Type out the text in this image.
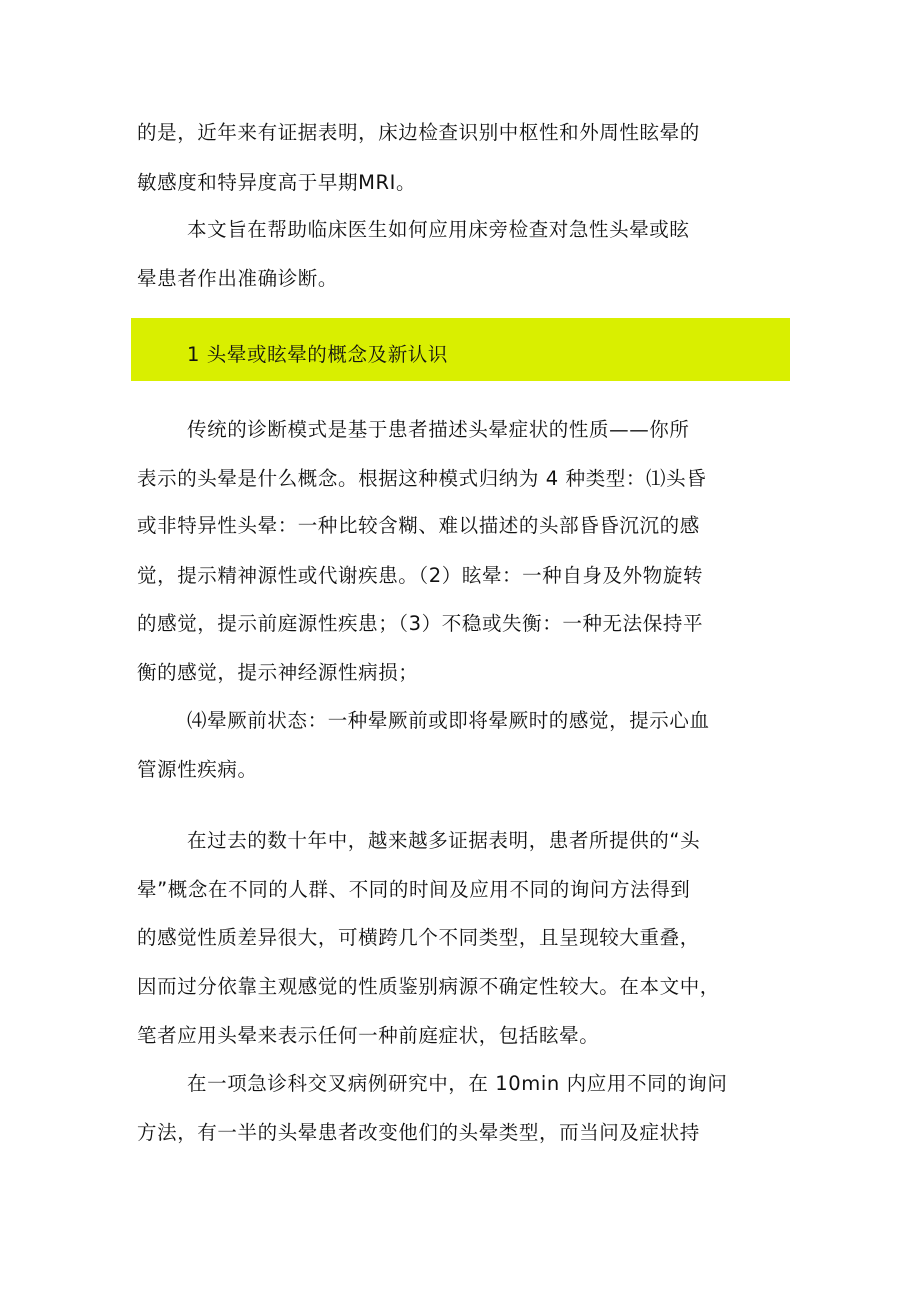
的是，近年来有证据表明，床边检查识别中枢性和外周性眩晕的
敏感度和特异度高于早期MRI。
本文旨在帮助临床医生如何应用床旁检查对急性头晕或眩
晕患者作出准确诊断。
1 头晕或眩晕的概念及新认识
传统的诊断模式是基于患者描述头晕症状的性质——你所
表示的头晕是什么概念。根据这种模式归纳为 4 种类型：⑴头昏
或非特异性头晕：一种比较含糊、难以描述的头部昏昏沉沉的感
觉，提示精神源性或代谢疾患。（2）眩晕：一种自身及外物旋转
的感觉，提示前庭源性疾患；（3）不稳或失衡：一种无法保持平
衡的感觉，提示神经源性病损；
⑷晕厥前状态：一种晕厥前或即将晕厥时的感觉，提示心血
管源性疾病。
在过去的数十年中，越来越多证据表明，患者所提供的“头
晕”概念在不同的人群、不同的时间及应用不同的询问方法得到
的感觉性质差异很大，可横跨几个不同类型，且呈现较大重叠，
因而过分依靠主观感觉的性质鉴别病源不确定性较大。在本文中，
笔者应用头晕来表示任何一种前庭症状，包括眩晕。
在一项急诊科交叉病例研究中，在 10min 内应用不同的询问
方法，有一半的头晕患者改变他们的头晕类型，而当问及症状持
